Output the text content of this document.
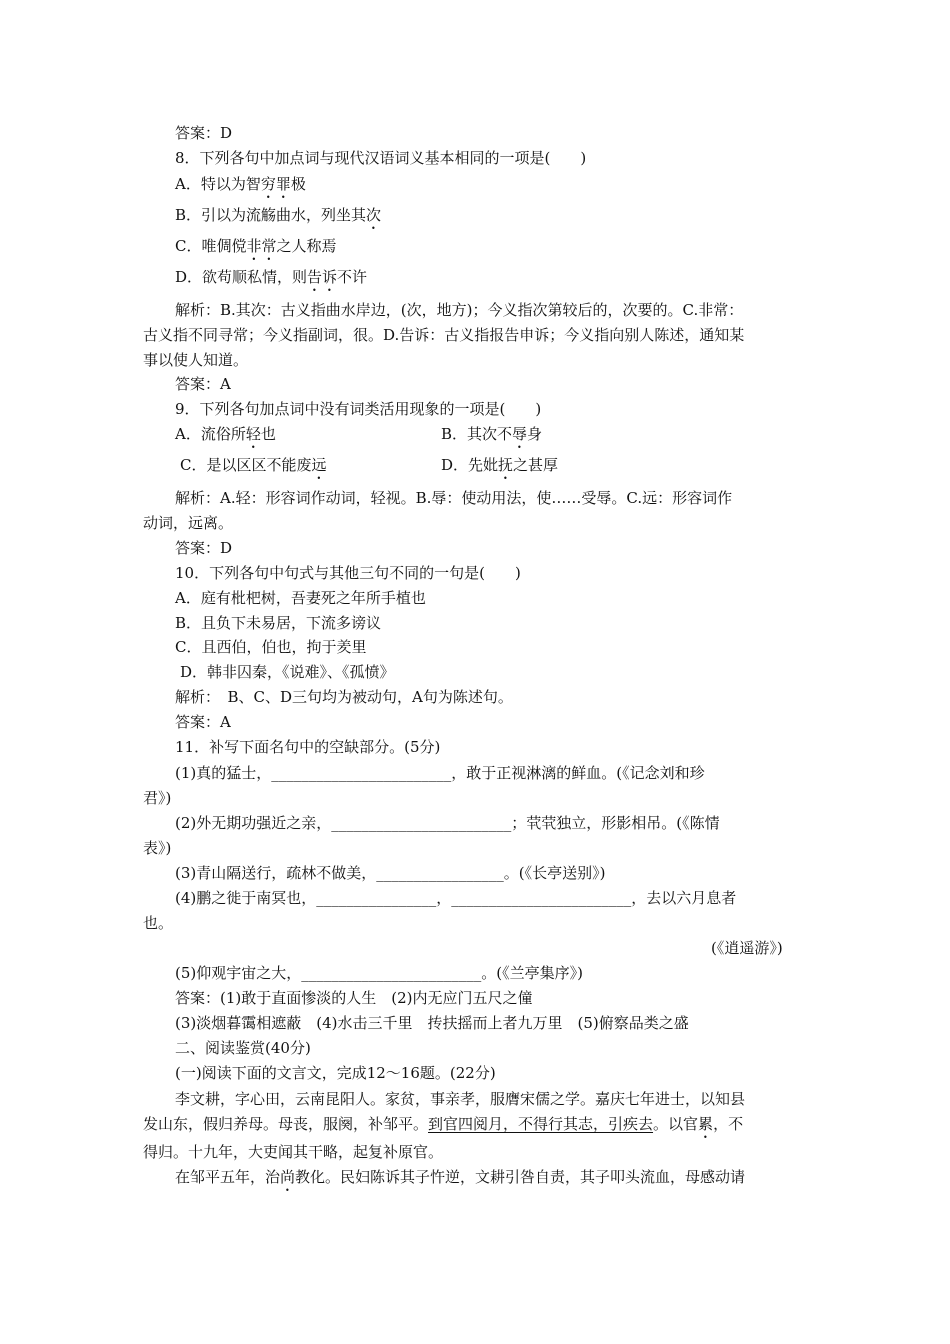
答案：D
8．下列各句中加点词与现代汉语词义基本相同的一项是(　　)
A．特以为智穷罪极
B．引以为流觞曲水，列坐其次
C．唯倜傥非常之人称焉
D．欲苟顺私情，则告诉不许
解析：B.其次：古义指曲水岸边，(次，地方)；今义指次第较后的，次要的。C.非常：
古义指不同寻常；今义指副词，很。D.告诉：古义指报告申诉；今义指向别人陈述，通知某
事以使人知道。
答案：A
9．下列各句加点词中没有词类活用现象的一项是(　　)
A．流俗所轻也	B．其次不辱身
C．是以区区不能废远	D．先妣抚之甚厚
解析：A.轻：形容词作动词，轻视。B.辱：使动用法，使……受辱。C.远：形容词作
动词，远离。
答案：D
10．下列各句中句式与其他三句不同的一句是(　　)
A．庭有枇杷树，吾妻死之年所手植也
B．且负下未易居，下流多谤议
C．且西伯，伯也，拘于羑里
D．韩非囚秦，《说难》、《孤愤》
解析：　B、C、D三句均为被动句，A句为陈述句。
答案：A
11．补写下面名句中的空缺部分。(5分)
(1)真的猛士，________________________，敢于正视淋漓的鲜血。(《记念刘和珍
君》)
(2)外无期功强近之亲，________________________；茕茕独立，形影相吊。(《陈情
表》)
(3)青山隔送行，疏林不做美，_________________。(《长亭送别》)
(4)鹏之徙于南冥也，________________，________________________，去以六月息者
也。
(《逍遥游》)
(5)仰观宇宙之大，________________________。(《兰亭集序》)
答案：(1)敢于直面惨淡的人生　(2)内无应门五尺之僮
(3)淡烟暮霭相遮蔽　(4)水击三千里　抟扶摇而上者九万里　(5)俯察品类之盛
二、阅读鉴赏(40分)
(一)阅读下面的文言文，完成12～16题。(22分)
李文耕，字心田，云南昆阳人。家贫，事亲孝，服膺宋儒之学。嘉庆七年进士，以知县
发山东，假归养母。母丧，服阕，补邹平。到官四阅月，不得行其志，引疾去。以官累，不
得归。十九年，大吏闻其干略，起复补原官。
在邹平五年，治尚教化。民妇陈诉其子忤逆，文耕引咎自责，其子叩头流血，母感动请
